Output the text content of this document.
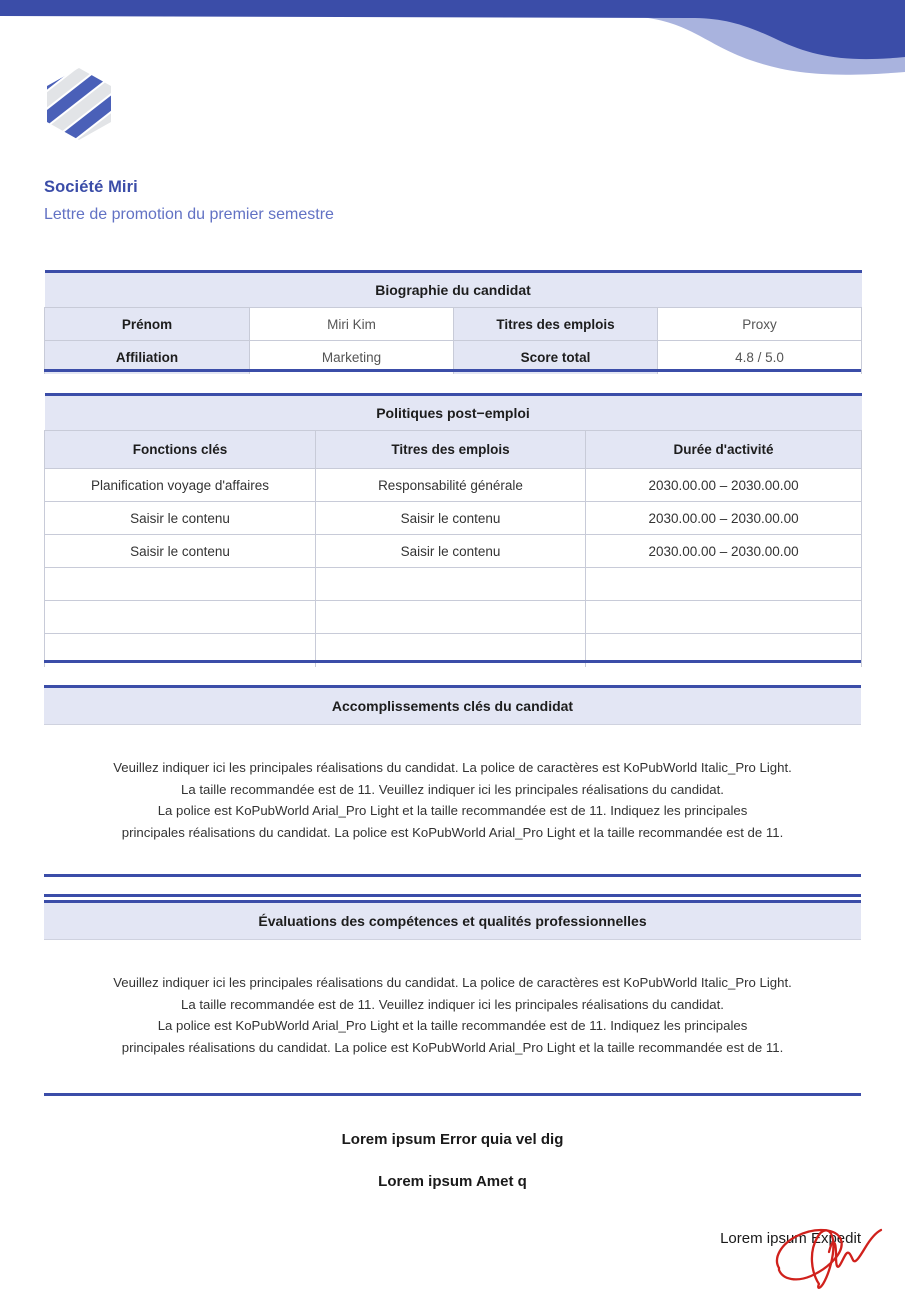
Société Miri
Lettre de promotion du premier semestre
Biographie du candidat			
Prénom	Miri Kim	Titres des emplois	Proxy
Affiliation	Marketing	Score total	4.8 / 5.0
Politiques post−emploi		
Fonctions clés	Titres des emplois	Durée d'activité
Planification voyage d'affaires	Responsabilité générale	2030.00.00 – 2030.00.00
Saisir le contenu	Saisir le contenu	2030.00.00 – 2030.00.00
Saisir le contenu	Saisir le contenu	2030.00.00 – 2030.00.00

Accomplissements clés du candidat
Veuillez indiquer ici les principales réalisations du candidat. La police de caractères est KoPubWorld Italic_Pro Light.
La taille recommandée est de 11. Veuillez indiquer ici les principales réalisations du candidat.
La police est KoPubWorld Arial_Pro Light et la taille recommandée est de 11. Indiquez les principales
principales réalisations du candidat. La police est KoPubWorld Arial_Pro Light et la taille recommandée est de 11.
Évaluations des compétences et qualités professionnelles
Veuillez indiquer ici les principales réalisations du candidat. La police de caractères est KoPubWorld Italic_Pro Light.
La taille recommandée est de 11. Veuillez indiquer ici les principales réalisations du candidat.
La police est KoPubWorld Arial_Pro Light et la taille recommandée est de 11. Indiquez les principales
principales réalisations du candidat. La police est KoPubWorld Arial_Pro Light et la taille recommandée est de 11.
Lorem ipsum Error quia vel dig
Lorem ipsum Amet q
Lorem ipsum Expedit
